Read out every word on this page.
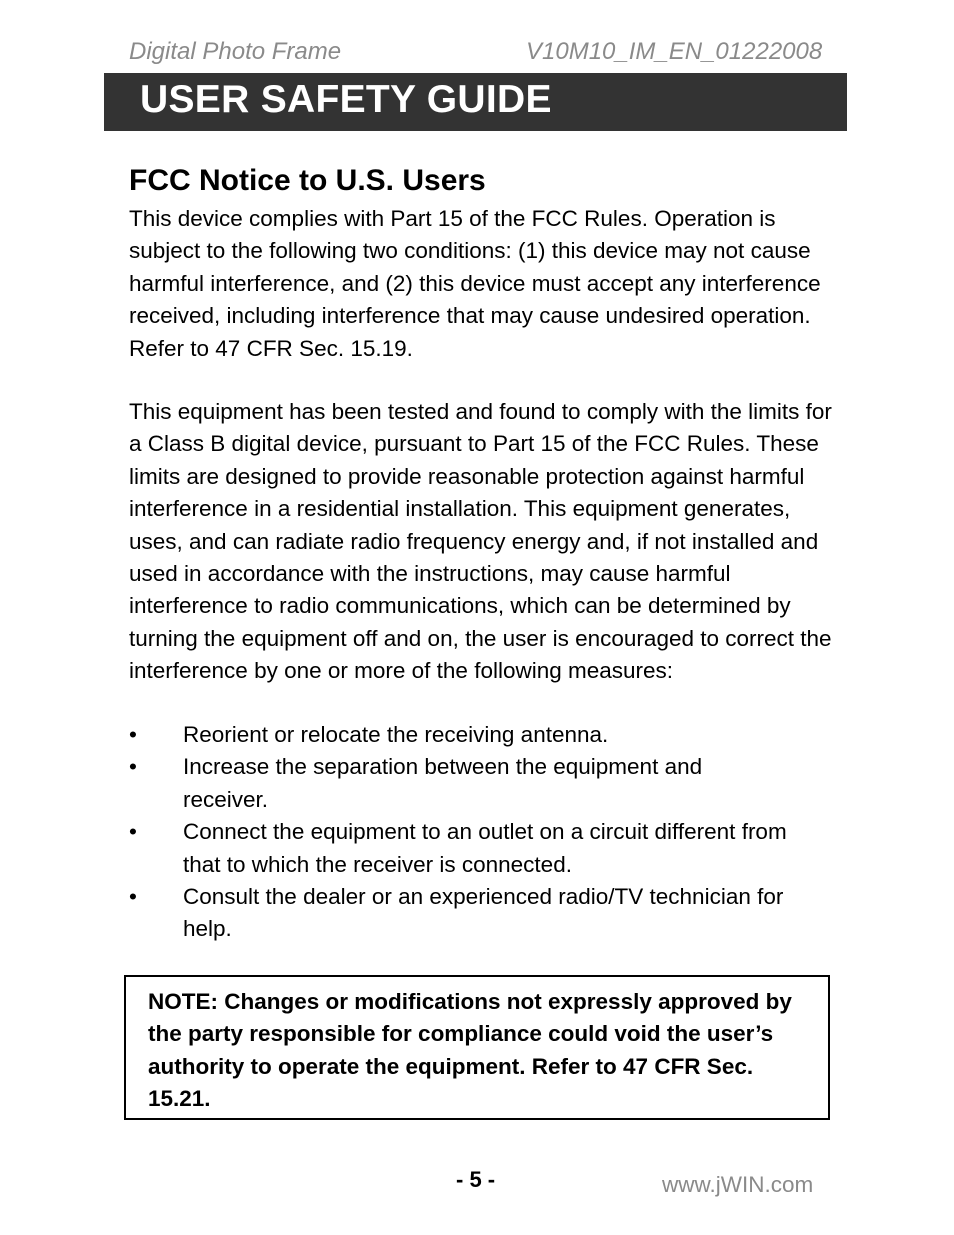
Digital Photo Frame	V10M10_IM_EN_01222008
USER SAFETY GUIDE
FCC Notice to U.S. Users

This device complies with Part 15 of the FCC Rules. Operation is subject to the following two conditions: (1) this device may not cause harmful interference, and (2) this device must accept any interference received, including interference that may cause undesired operation. Refer to 47 CFR Sec. 15.19.

This equipment has been tested and found to comply with the limits for a Class B digital device, pursuant to Part 15 of the FCC Rules. These limits are designed to provide reasonable protection against harmful interference in a residential installation. This equipment generates, uses, and can radiate radio frequency energy and, if not installed and used in accordance with the instructions, may cause harmful interference to radio communications, which can be determined by turning the equipment off and on, the user is encouraged to correct the interference by one or more of the following measures:

• Reorient or relocate the receiving antenna.
• Increase the separation between the equipment and receiver.
• Connect the equipment to an outlet on a circuit different from that to which the receiver is connected.
• Consult the dealer or an experienced radio/TV technician for help.
NOTE: Changes or modifications not expressly approved by the party responsible for compliance could void the user’s authority to operate the equipment. Refer to 47 CFR Sec. 15.21.
- 5 -	www.jWIN.com
